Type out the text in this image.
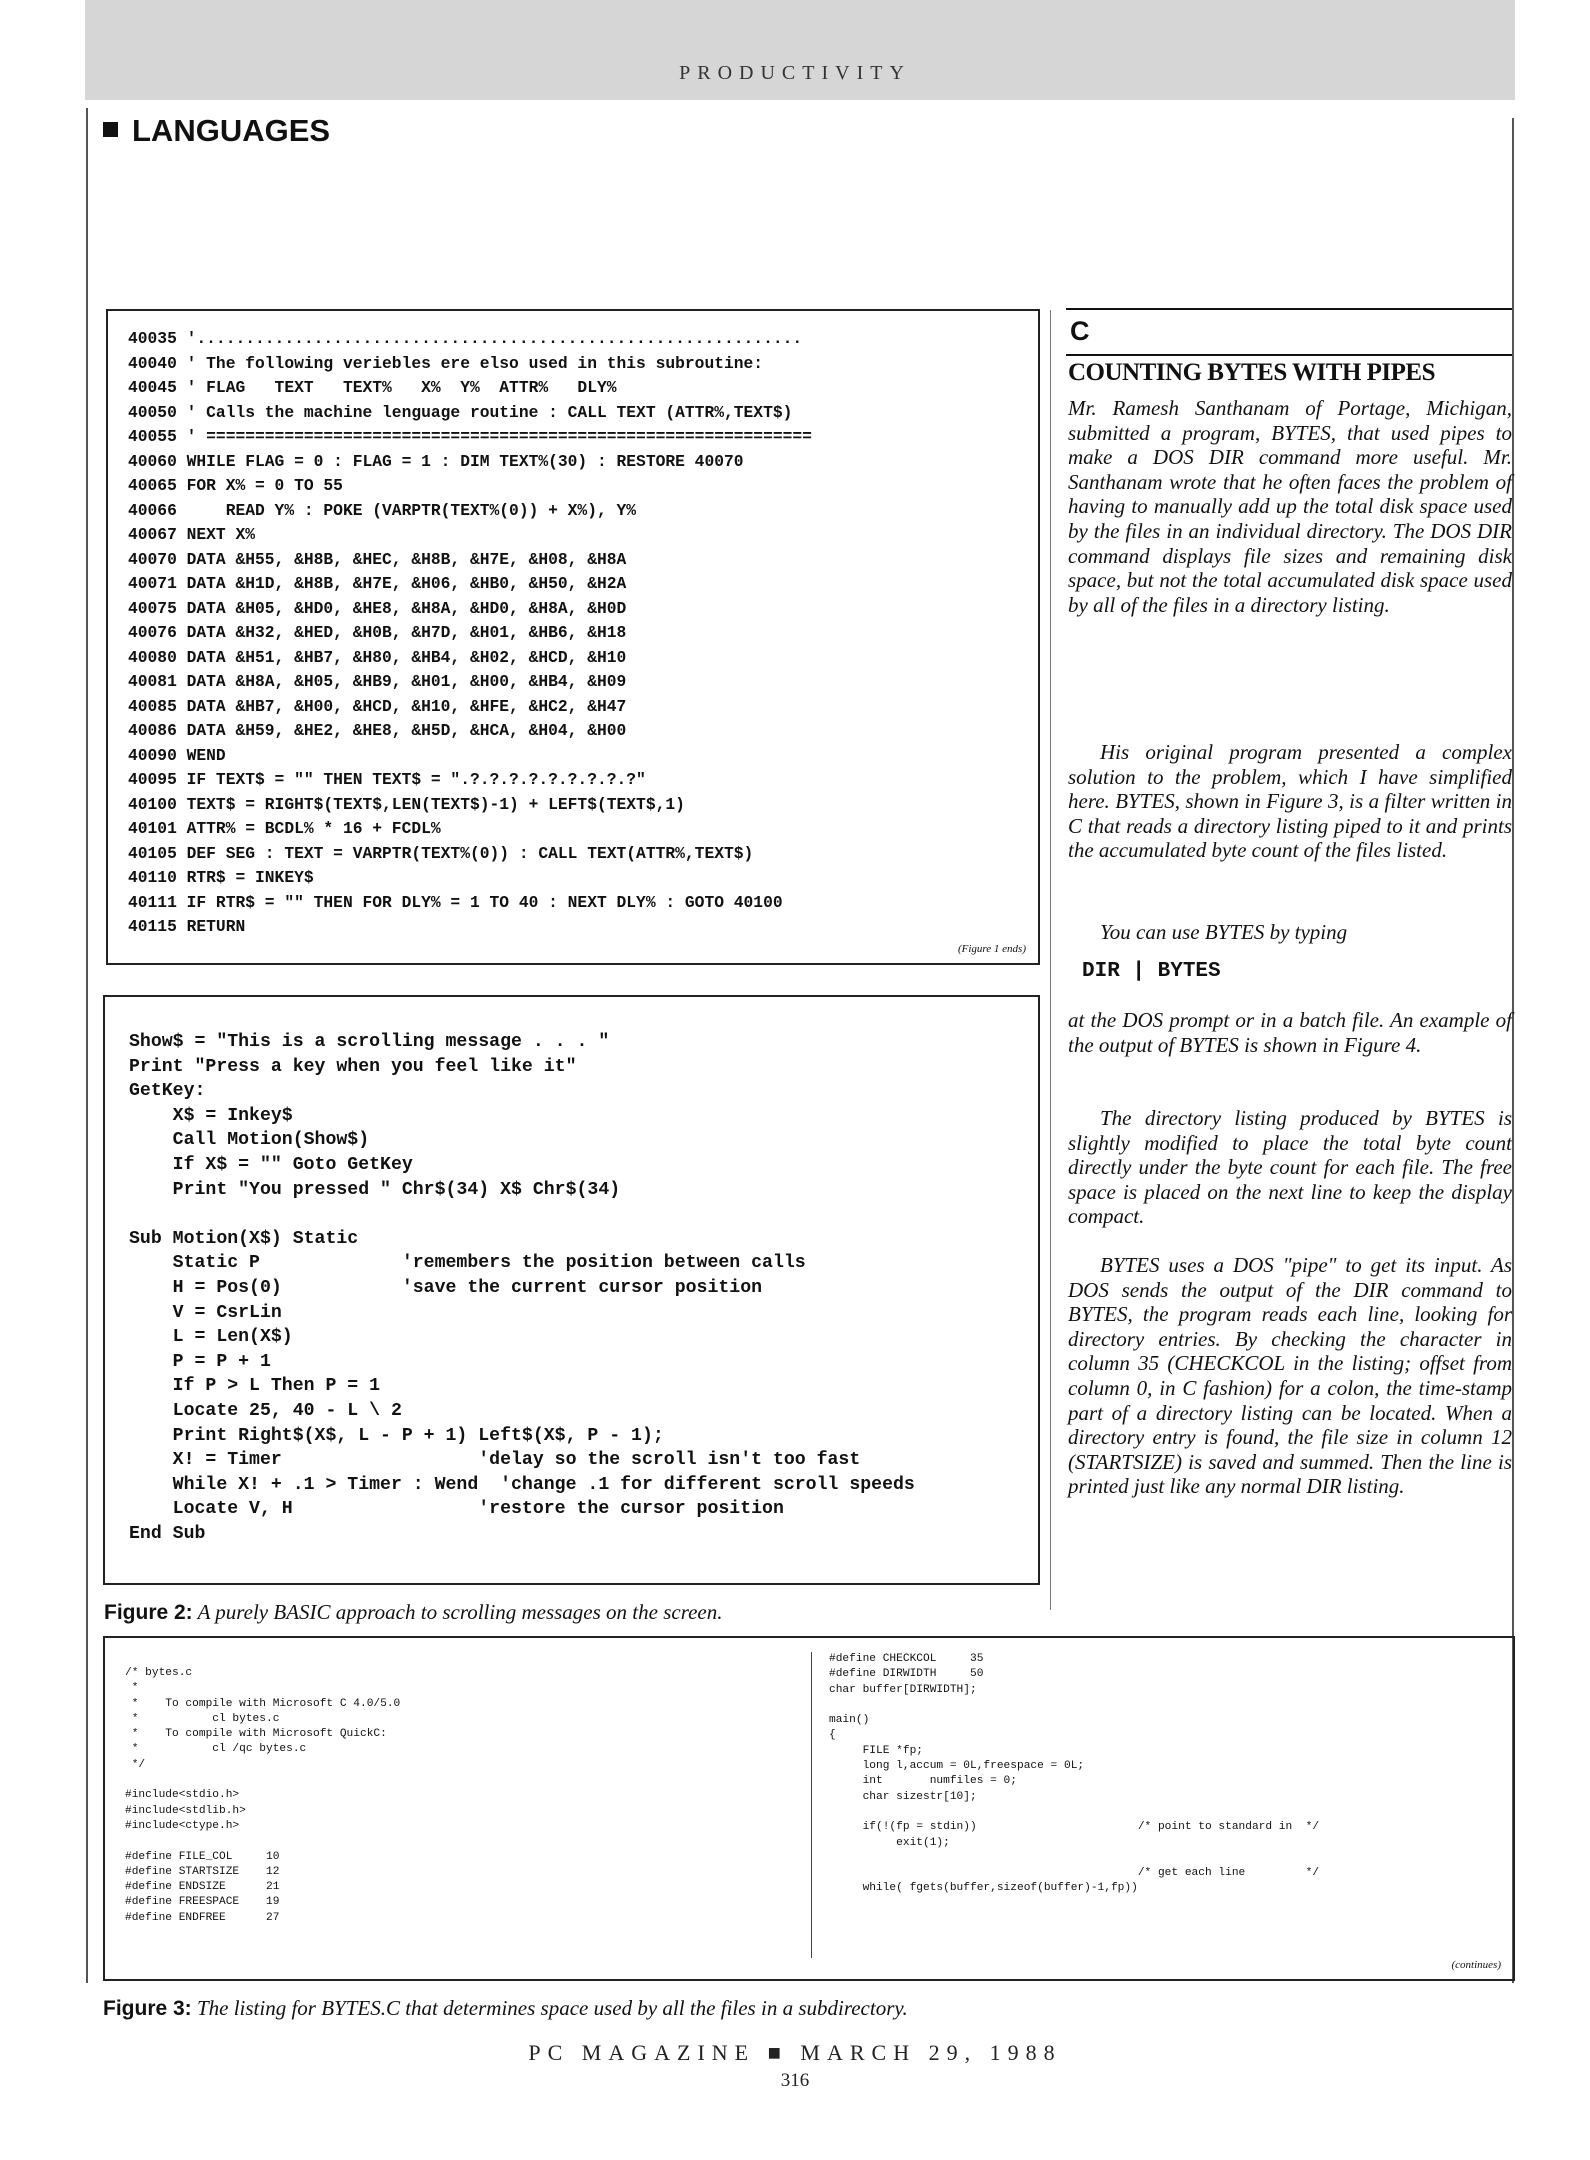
PRODUCTIVITY
LANGUAGES
40035 '..............................................................
40040 ' The following veriebles ere elso used in this subroutine:
40045 ' FLAG   TEXT   TEXT%   X%  Y%  ATTR%   DLY%
40050 ' Calls the machine lenguage routine : CALL TEXT (ATTR%,TEXT$)
40055 ' ==============================================================
40060 WHILE FLAG = 0 : FLAG = 1 : DIM TEXT%(30) : RESTORE 40070
40065 FOR X% = 0 TO 55
40066     READ Y% : POKE (VARPTR(TEXT%(0)) + X%), Y%
40067 NEXT X%
40070 DATA &H55, &H8B, &HEC, &H8B, &H7E, &H08, &H8A
40071 DATA &H1D, &H8B, &H7E, &H06, &HB0, &H50, &H2A
40075 DATA &H05, &HD0, &HE8, &H8A, &HD0, &H8A, &H0D
40076 DATA &H32, &HED, &H0B, &H7D, &H01, &HB6, &H18
40080 DATA &H51, &HB7, &H80, &HB4, &H02, &HCD, &H10
40081 DATA &H8A, &H05, &HB9, &H01, &H00, &HB4, &H09
40085 DATA &HB7, &H00, &HCD, &H10, &HFE, &HC2, &H47
40086 DATA &H59, &HE2, &HE8, &H5D, &HCA, &H04, &H00
40090 WEND
40095 IF TEXT$ = "" THEN TEXT$ = ".?.?.?.?.?.?.?.?.?"
40100 TEXT$ = RIGHT$(TEXT$,LEN(TEXT$)-1) + LEFT$(TEXT$,1)
40101 ATTR% = BCDL% * 16 + FCDL%
40105 DEF SEG : TEXT = VARPTR(TEXT%(0)) : CALL TEXT(ATTR%,TEXT$)
40110 RTR$ = INKEY$
40111 IF RTR$ = "" THEN FOR DLY% = 1 TO 40 : NEXT DLY% : GOTO 40100
40115 RETURN
(Figure 1 ends)
Show$ = "This is a scrolling message . . . "
Print "Press a key when you feel like it"
GetKey:
X$ = Inkey$
Call Motion(Show$)
If X$ = "" Goto GetKey
Print "You pressed " Chr$(34) X$ Chr$(34)

Sub Motion(X$) Static
Static P             'remembers the position between calls
H = Pos(0)           'save the current cursor position
V = CsrLin
L = Len(X$)
P = P + 1
If P > L Then P = 1
Locate 25, 40 - L \ 2
Print Right$(X$, L - P + 1) Left$(X$, P - 1);
X! = Timer                  'delay so the scroll isn't too fast
While X! + .1 > Timer : Wend  'change .1 for different scroll speeds
Locate V, H                 'restore the cursor position
End Sub
Figure 2: A purely BASIC approach to scrolling messages on the screen.
C
COUNTING BYTES WITH PIPES
Mr. Ramesh Santhanam of Portage, Michigan, submitted a program, BYTES, that used pipes to make a DOS DIR command more useful. Mr. Santhanam wrote that he often faces the problem of having to manually add up the total disk space used by the files in an individual directory. The DOS DIR command displays file sizes and remaining disk space, but not the total accumulated disk space used by all of the files in a directory listing.
His original program presented a complex solution to the problem, which I have simplified here. BYTES, shown in Figure 3, is a filter written in C that reads a directory listing piped to it and prints the accumulated byte count of the files listed.
You can use BYTES by typing
DIR | BYTES
at the DOS prompt or in a batch file. An example of the output of BYTES is shown in Figure 4.
The directory listing produced by BYTES is slightly modified to place the total byte count directly under the byte count for each file. The free space is placed on the next line to keep the display compact.
BYTES uses a DOS "pipe" to get its input. As DOS sends the output of the DIR command to BYTES, the program reads each line, looking for directory entries. By checking the character in column 35 (CHECKCOL in the listing; offset from column 0, in C fashion) for a colon, the time-stamp part of a directory listing can be located. When a directory entry is found, the file size in column 12 (STARTSIZE) is saved and summed. Then the line is printed just like any normal DIR listing.
/* bytes.c
*
*    To compile with Microsoft C 4.0/5.0
*           cl bytes.c
*    To compile with Microsoft QuickC:
*           cl /qc bytes.c
*/

#include<stdio.h>
#include<stdlib.h>
#include<ctype.h>

#define FILE_COL     10
#define STARTSIZE    12
#define ENDSIZE      21
#define FREESPACE    19
#define ENDFREE      27
#define CHECKCOL     35
#define DIRWIDTH     50
char buffer[DIRWIDTH];

main()
{
FILE *fp;
long l,accum = 0L,freespace = 0L;
int       numfiles = 0;
char sizestr[10];

if(!(fp = stdin))                        /* point to standard in  */
exit(1);

/* get each line         */
while( fgets(buffer,sizeof(buffer)-1,fp))
(continues)
Figure 3: The listing for BYTES.C that determines space used by all the files in a subdirectory.
PC MAGAZINE ■ MARCH 29, 1988
316
